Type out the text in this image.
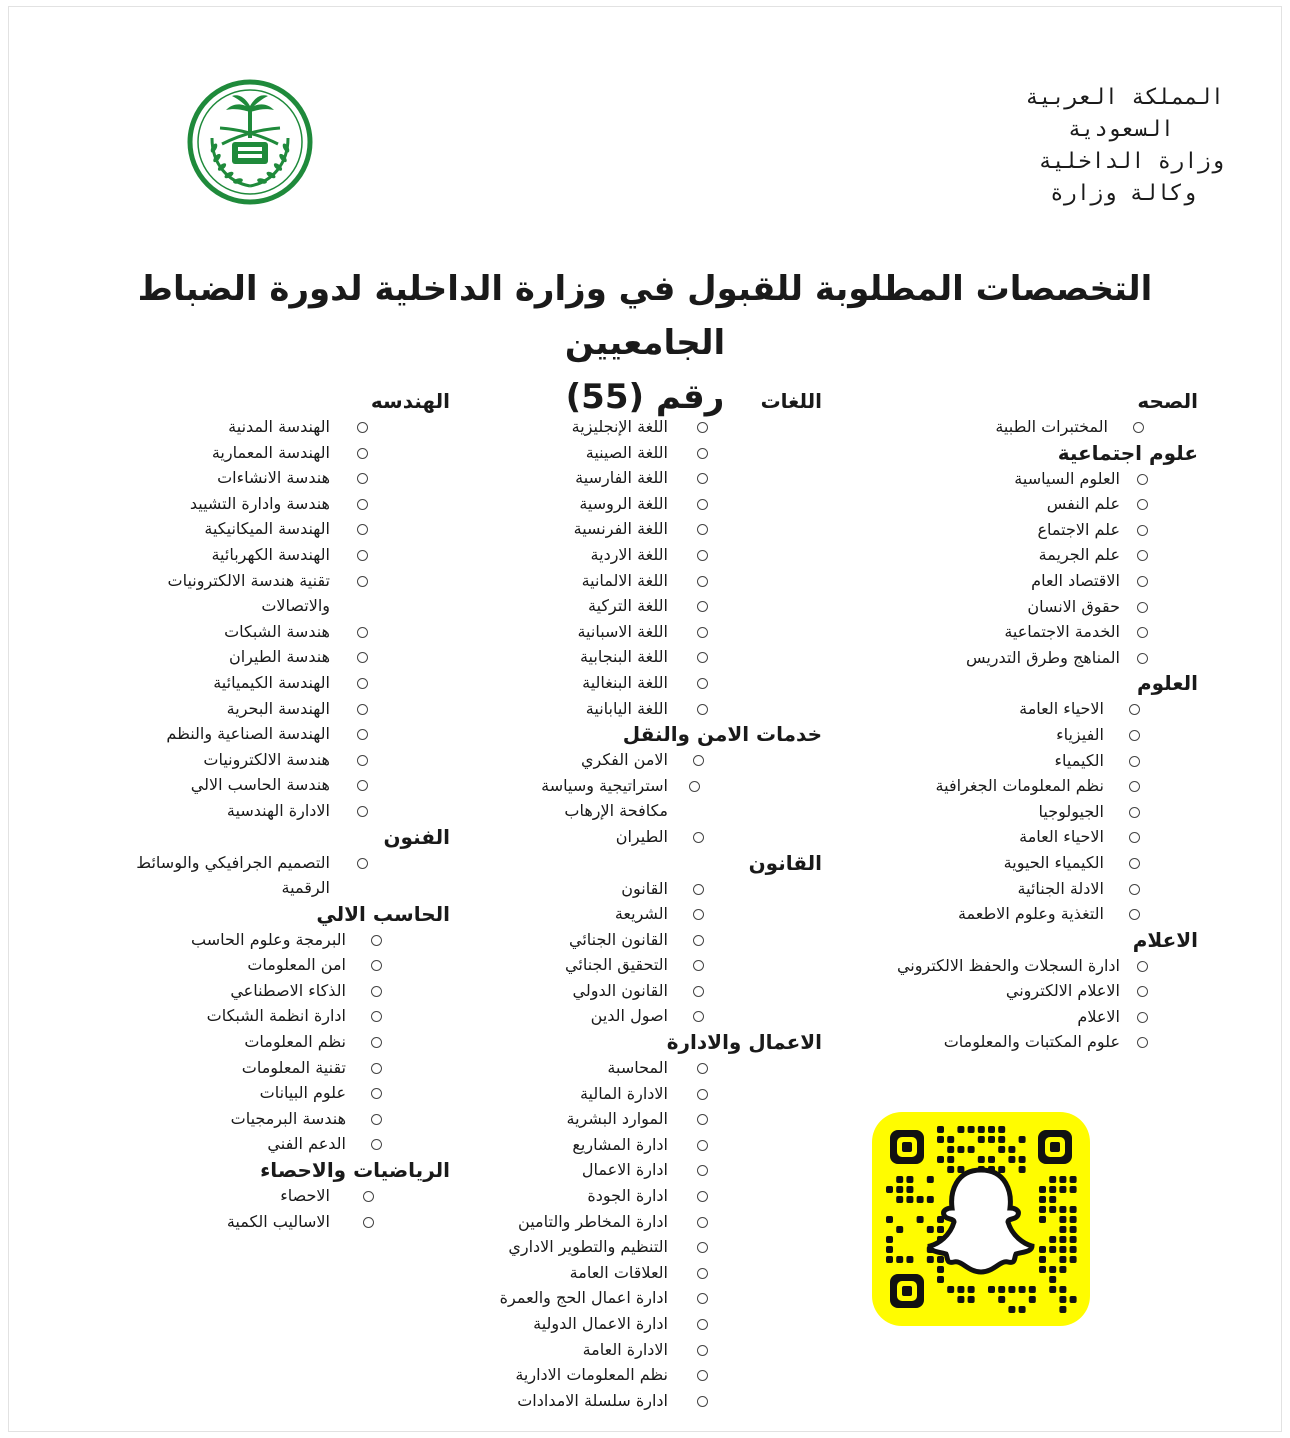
المملكة العربية
السعودية
وزارة الداخلية
وكالة وزارة
التخصصات المطلوبة للقبول في وزارة الداخلية لدورة الضباط الجامعيين
رقم (55)	الصحه
المختبرات الطبية
علوم اجتماعية
العلوم السياسية
علم النفس
علم الاجتماع
علم الجريمة
الاقتصاد العام
حقوق الانسان
الخدمة الاجتماعية
المناهج وطرق التدريس
العلوم
الاحياء العامة
الفيزياء
الكيمياء
نظم المعلومات الجغرافية
الجيولوجيا
الاحياء العامة
الكيمياء الحيوية
الادلة الجنائية
التغذية وعلوم الاطعمة
الاعلام
ادارة السجلات والحفظ الالكتروني
الاعلام الالكتروني
الاعلام
علوم المكتبات والمعلومات
اللغات
اللغة الإنجليزية
اللغة الصينية
اللغة الفارسية
اللغة الروسية
اللغة الفرنسية
اللغة الاردية
اللغة الالمانية
اللغة التركية
اللغة الاسبانية
اللغة البنجابية
اللغة البنغالية
اللغة اليابانية
خدمات الامن والنقل
الامن الفكري
استراتيجية وسياسة مكافحة الإرهاب
الطيران
القانون
القانون
الشريعة
القانون الجنائي
التحقيق الجنائي
القانون الدولي
اصول الدين
الاعمال والادارة
المحاسبة
الادارة المالية
الموارد البشرية
ادارة المشاريع
ادارة الاعمال
ادارة الجودة
ادارة المخاطر والتامين
التنظيم والتطوير الاداري
العلاقات العامة
ادارة اعمال الحج والعمرة
ادارة الاعمال الدولية
الادارة العامة
نظم المعلومات الادارية
ادارة سلسلة الامدادات
الهندسه
الهندسة المدنية
الهندسة المعمارية
هندسة الانشاءات
هندسة وادارة التشييد
الهندسة الميكانيكية
الهندسة الكهربائية
تقنية هندسة الالكترونيات والاتصالات
هندسة الشبكات
هندسة الطيران
الهندسة الكيميائية
الهندسة البحرية
الهندسة الصناعية والنظم
هندسة الالكترونيات
هندسة الحاسب الالي
الادارة الهندسية
الفنون
التصميم الجرافيكي والوسائط الرقمية
الحاسب الالي
البرمجة وعلوم الحاسب
امن المعلومات
الذكاء الاصطناعي
ادارة انظمة الشبكات
نظم المعلومات
تقنية المعلومات
علوم البيانات
هندسة البرمجيات
الدعم الفني
الرياضيات والاحصاء
الاحصاء
الاساليب الكمية
